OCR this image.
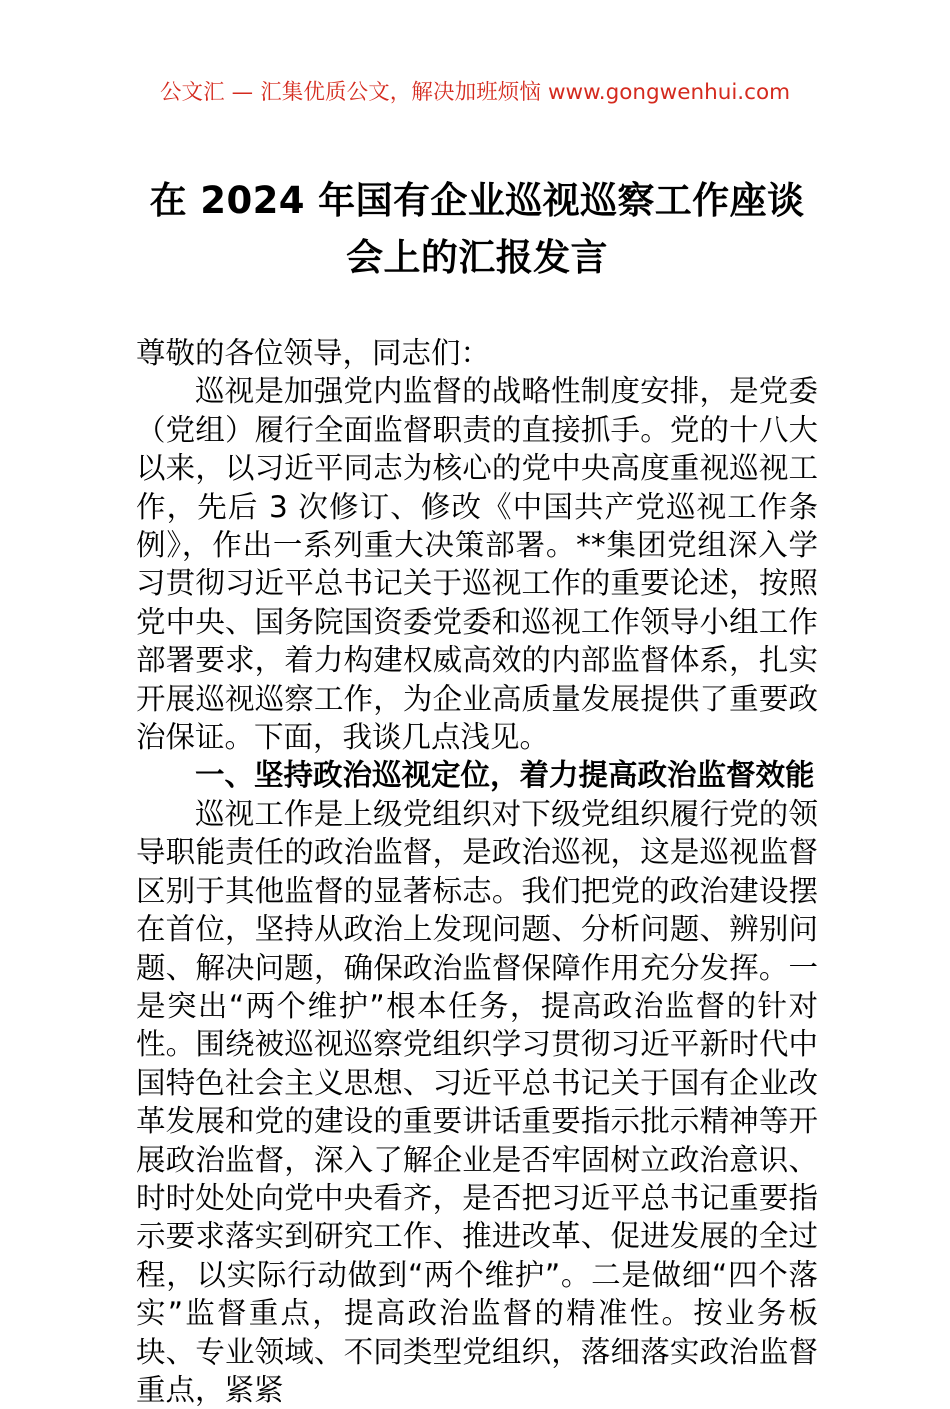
公文汇 — 汇集优质公文，解决加班烦恼 www.gongwenhui.com
在 2024 年国有企业巡视巡察工作座谈会上的汇报发言

尊敬的各位领导，同志们：

巡视是加强党内监督的战略性制度安排，是党委（党组）履行全面监督职责的直接抓手。党的十八大以来，以习近平同志为核心的党中央高度重视巡视工作，先后 3 次修订、修改《中国共产党巡视工作条例》，作出一系列重大决策部署。**集团党组深入学习贯彻习近平总书记关于巡视工作的重要论述，按照党中央、国务院国资委党委和巡视工作领导小组工作部署要求，着力构建权威高效的内部监督体系，扎实开展巡视巡察工作，为企业高质量发展提供了重要政治保证。下面，我谈几点浅见。

一、坚持政治巡视定位，着力提高政治监督效能

巡视工作是上级党组织对下级党组织履行党的领导职能责任的政治监督，是政治巡视，这是巡视监督区别于其他监督的显著标志。我们把党的政治建设摆在首位，坚持从政治上发现问题、分析问题、辨别问题、解决问题，确保政治监督保障作用充分发挥。一是突出“两个维护”根本任务，提高政治监督的针对性。围绕被巡视巡察党组织学习贯彻习近平新时代中国特色社会主义思想、习近平总书记关于国有企业改革发展和党的建设的重要讲话重要指示批示精神等开展政治监督，深入了解企业是否牢固树立政治意识、时时处处向党中央看齐，是否把习近平总书记重要指示要求落实到研究工作、推进改革、促进发展的全过程，以实际行动做到“两个维护”。二是做细“四个落实”监督重点，提高政治监督的精准性。按业务板块、专业领域、不同类型党组织，落细落实政治监督重点，紧紧
